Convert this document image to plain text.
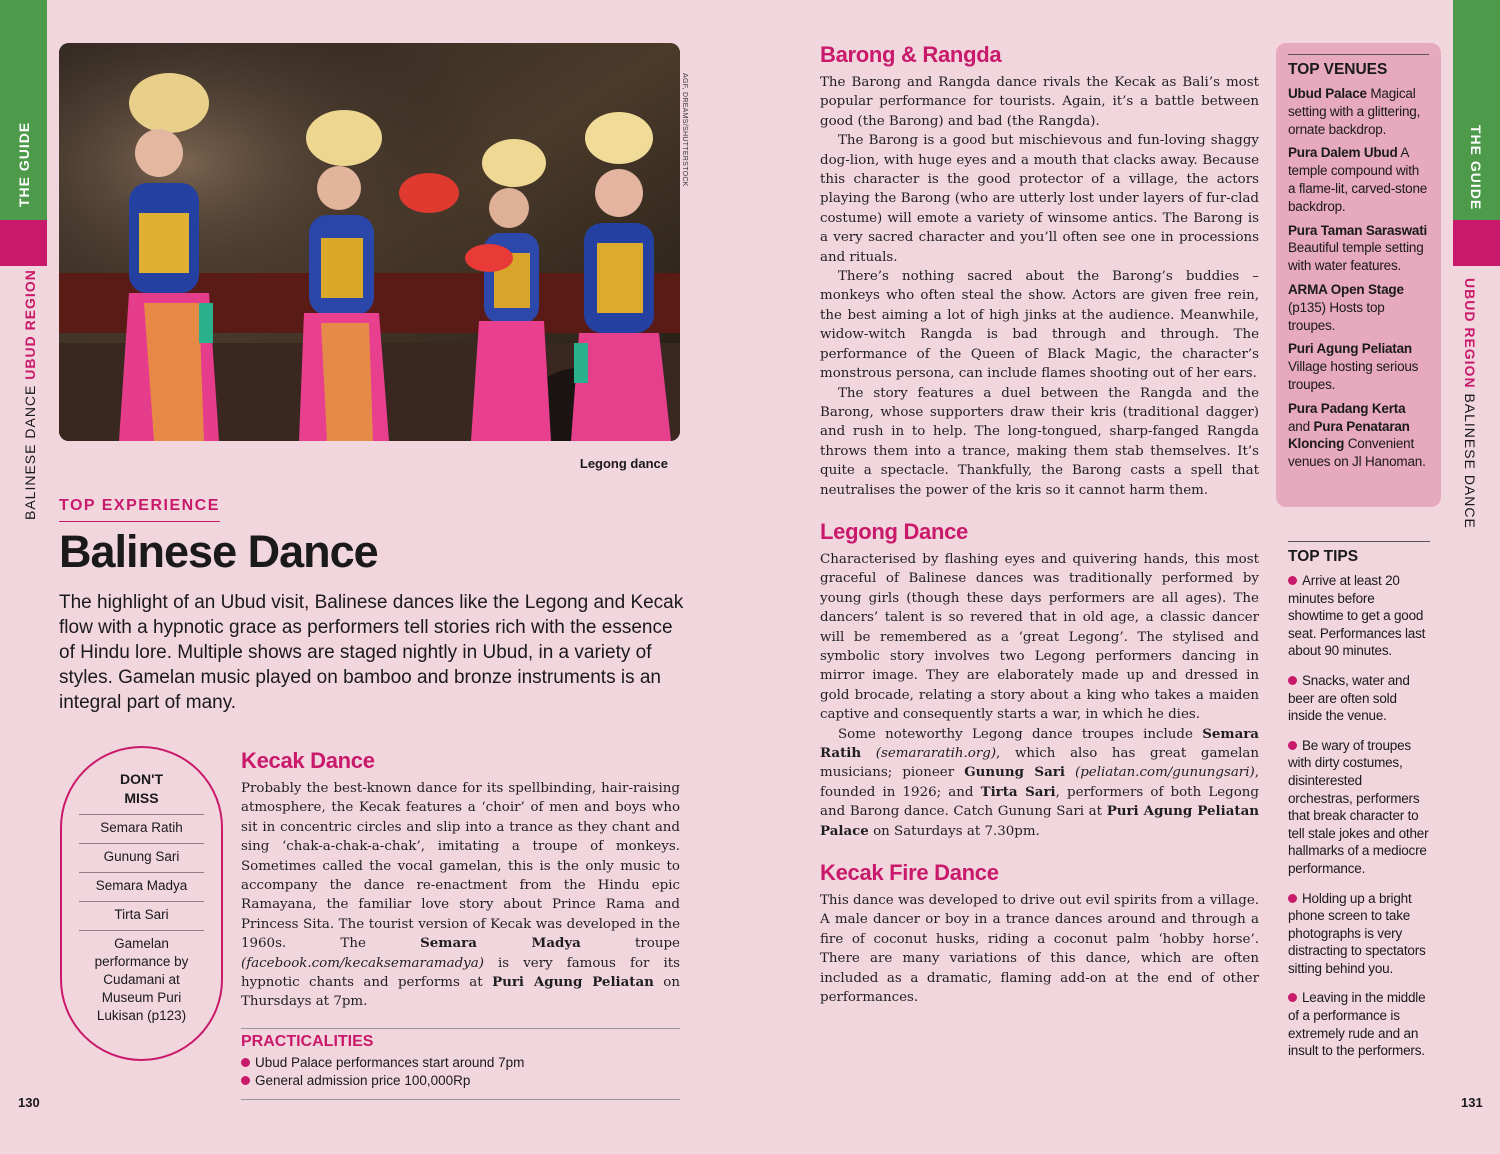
THE GUIDE
BALINESE DANCE UBUD REGION
130
AGF, DREAMS/SHUTTERSTOCK
Legong dance
TOP EXPERIENCE
Balinese Dance
The highlight of an Ubud visit, Balinese dances like the Legong and Kecak flow with a hypnotic grace as performers tell stories rich with the essence of Hindu lore. Multiple shows are staged nightly in Ubud, in a variety of styles. Gamelan music played on bamboo and bronze instruments is an integral part of many.
DON'T
MISS
Semara Ratih
Gunung Sari
Semara Madya
Tirta Sari
Gamelan performance by Cudamani at Museum Puri Lukisan (p123)
Kecak Dance

Probably the best-known dance for its spellbinding, hair-raising atmosphere, the Kecak features a ‘choir’ of men and boys who sit in concentric circles and slip into a trance as they chant and sing ‘chak-a-chak-a-chak’, imitating a troupe of monkeys. Sometimes called the vocal gamelan, this is the only music to accompany the dance re-enactment from the Hindu epic Ramayana, the familiar love story about Prince Rama and Princess Sita. The tourist version of Kecak was developed in the 1960s. The Semara Madya troupe (facebook.com/kecaksemaramadya) is very famous for its hypnotic chants and performs at Puri Agung Peliatan on Thursdays at 7pm.

PRACTICALITIES
Ubud Palace performances start around 7pm
General admission price 100,000Rp
Barong & Rangda

The Barong and Rangda dance rivals the Kecak as Bali’s most popular performance for tourists. Again, it’s a battle between good (the Barong) and bad (the Rangda).

The Barong is a good but mischievous and fun-loving shaggy dog-lion, with huge eyes and a mouth that clacks away. Because this character is the good protector of a village, the actors playing the Barong (who are utterly lost under layers of fur-clad costume) will emote a variety of winsome antics. The Barong is a very sacred character and you’ll often see one in processions and rituals.

There’s nothing sacred about the Barong’s buddies – monkeys who often steal the show. Actors are given free rein, the best aiming a lot of high jinks at the audience. Meanwhile, widow-witch Rangda is bad through and through. The performance of the Queen of Black Magic, the character’s monstrous persona, can include flames shooting out of her ears.

The story features a duel between the Rangda and the Barong, whose supporters draw their kris (traditional dagger) and rush in to help. The long-tongued, sharp-fanged Rangda throws them into a trance, making them stab themselves. It’s quite a spectacle. Thankfully, the Barong casts a spell that neutralises the power of the kris so it cannot harm them.

Legong Dance

Characterised by flashing eyes and quivering hands, this most graceful of Balinese dances was traditionally performed by young girls (though these days performers are all ages). The dancers’ talent is so revered that in old age, a classic dancer will be remembered as a ‘great Legong’. The stylised and symbolic story involves two Legong performers dancing in mirror image. They are elaborately made up and dressed in gold brocade, relating a story about a king who takes a maiden captive and consequently starts a war, in which he dies.

Some noteworthy Legong dance troupes include Semara Ratih (semararatih.org), which also has great gamelan musicians; pioneer Gunung Sari (peliatan.com/gunungsari), founded in 1926; and Tirta Sari, performers of both Legong and Barong dance. Catch Gunung Sari at Puri Agung Peliatan Palace on Saturdays at 7.30pm.

Kecak Fire Dance

This dance was developed to drive out evil spirits from a village. A male dancer or boy in a trance dances around and through a fire of coconut husks, riding a coconut palm ‘hobby horse’. There are many variations of this dance, which are often included as a dramatic, flaming add-on at the end of other performances.

TOP VENUES
Ubud Palace Magical setting with a glittering, ornate backdrop.
Pura Dalem Ubud A temple compound with a flame-lit, carved-stone backdrop.
Pura Taman Saraswati Beautiful temple setting with water features.
ARMA Open Stage (p135) Hosts top troupes.
Puri Agung Peliatan Village hosting serious troupes.
Pura Padang Kerta and Pura Penataran Kloncing Convenient venues on Jl Hanoman.
TOP TIPS
Arrive at least 20 minutes before showtime to get a good seat. Performances last about 90 minutes.
Snacks, water and beer are often sold inside the venue.
Be wary of troupes with dirty costumes, disinterested orchestras, performers that break character to tell stale jokes and other hallmarks of a mediocre performance.
Holding up a bright phone screen to take photographs is very distracting to spectators sitting behind you.
Leaving in the middle of a performance is extremely rude and an insult to the performers.
THE GUIDE
UBUD REGION BALINESE DANCE
131
